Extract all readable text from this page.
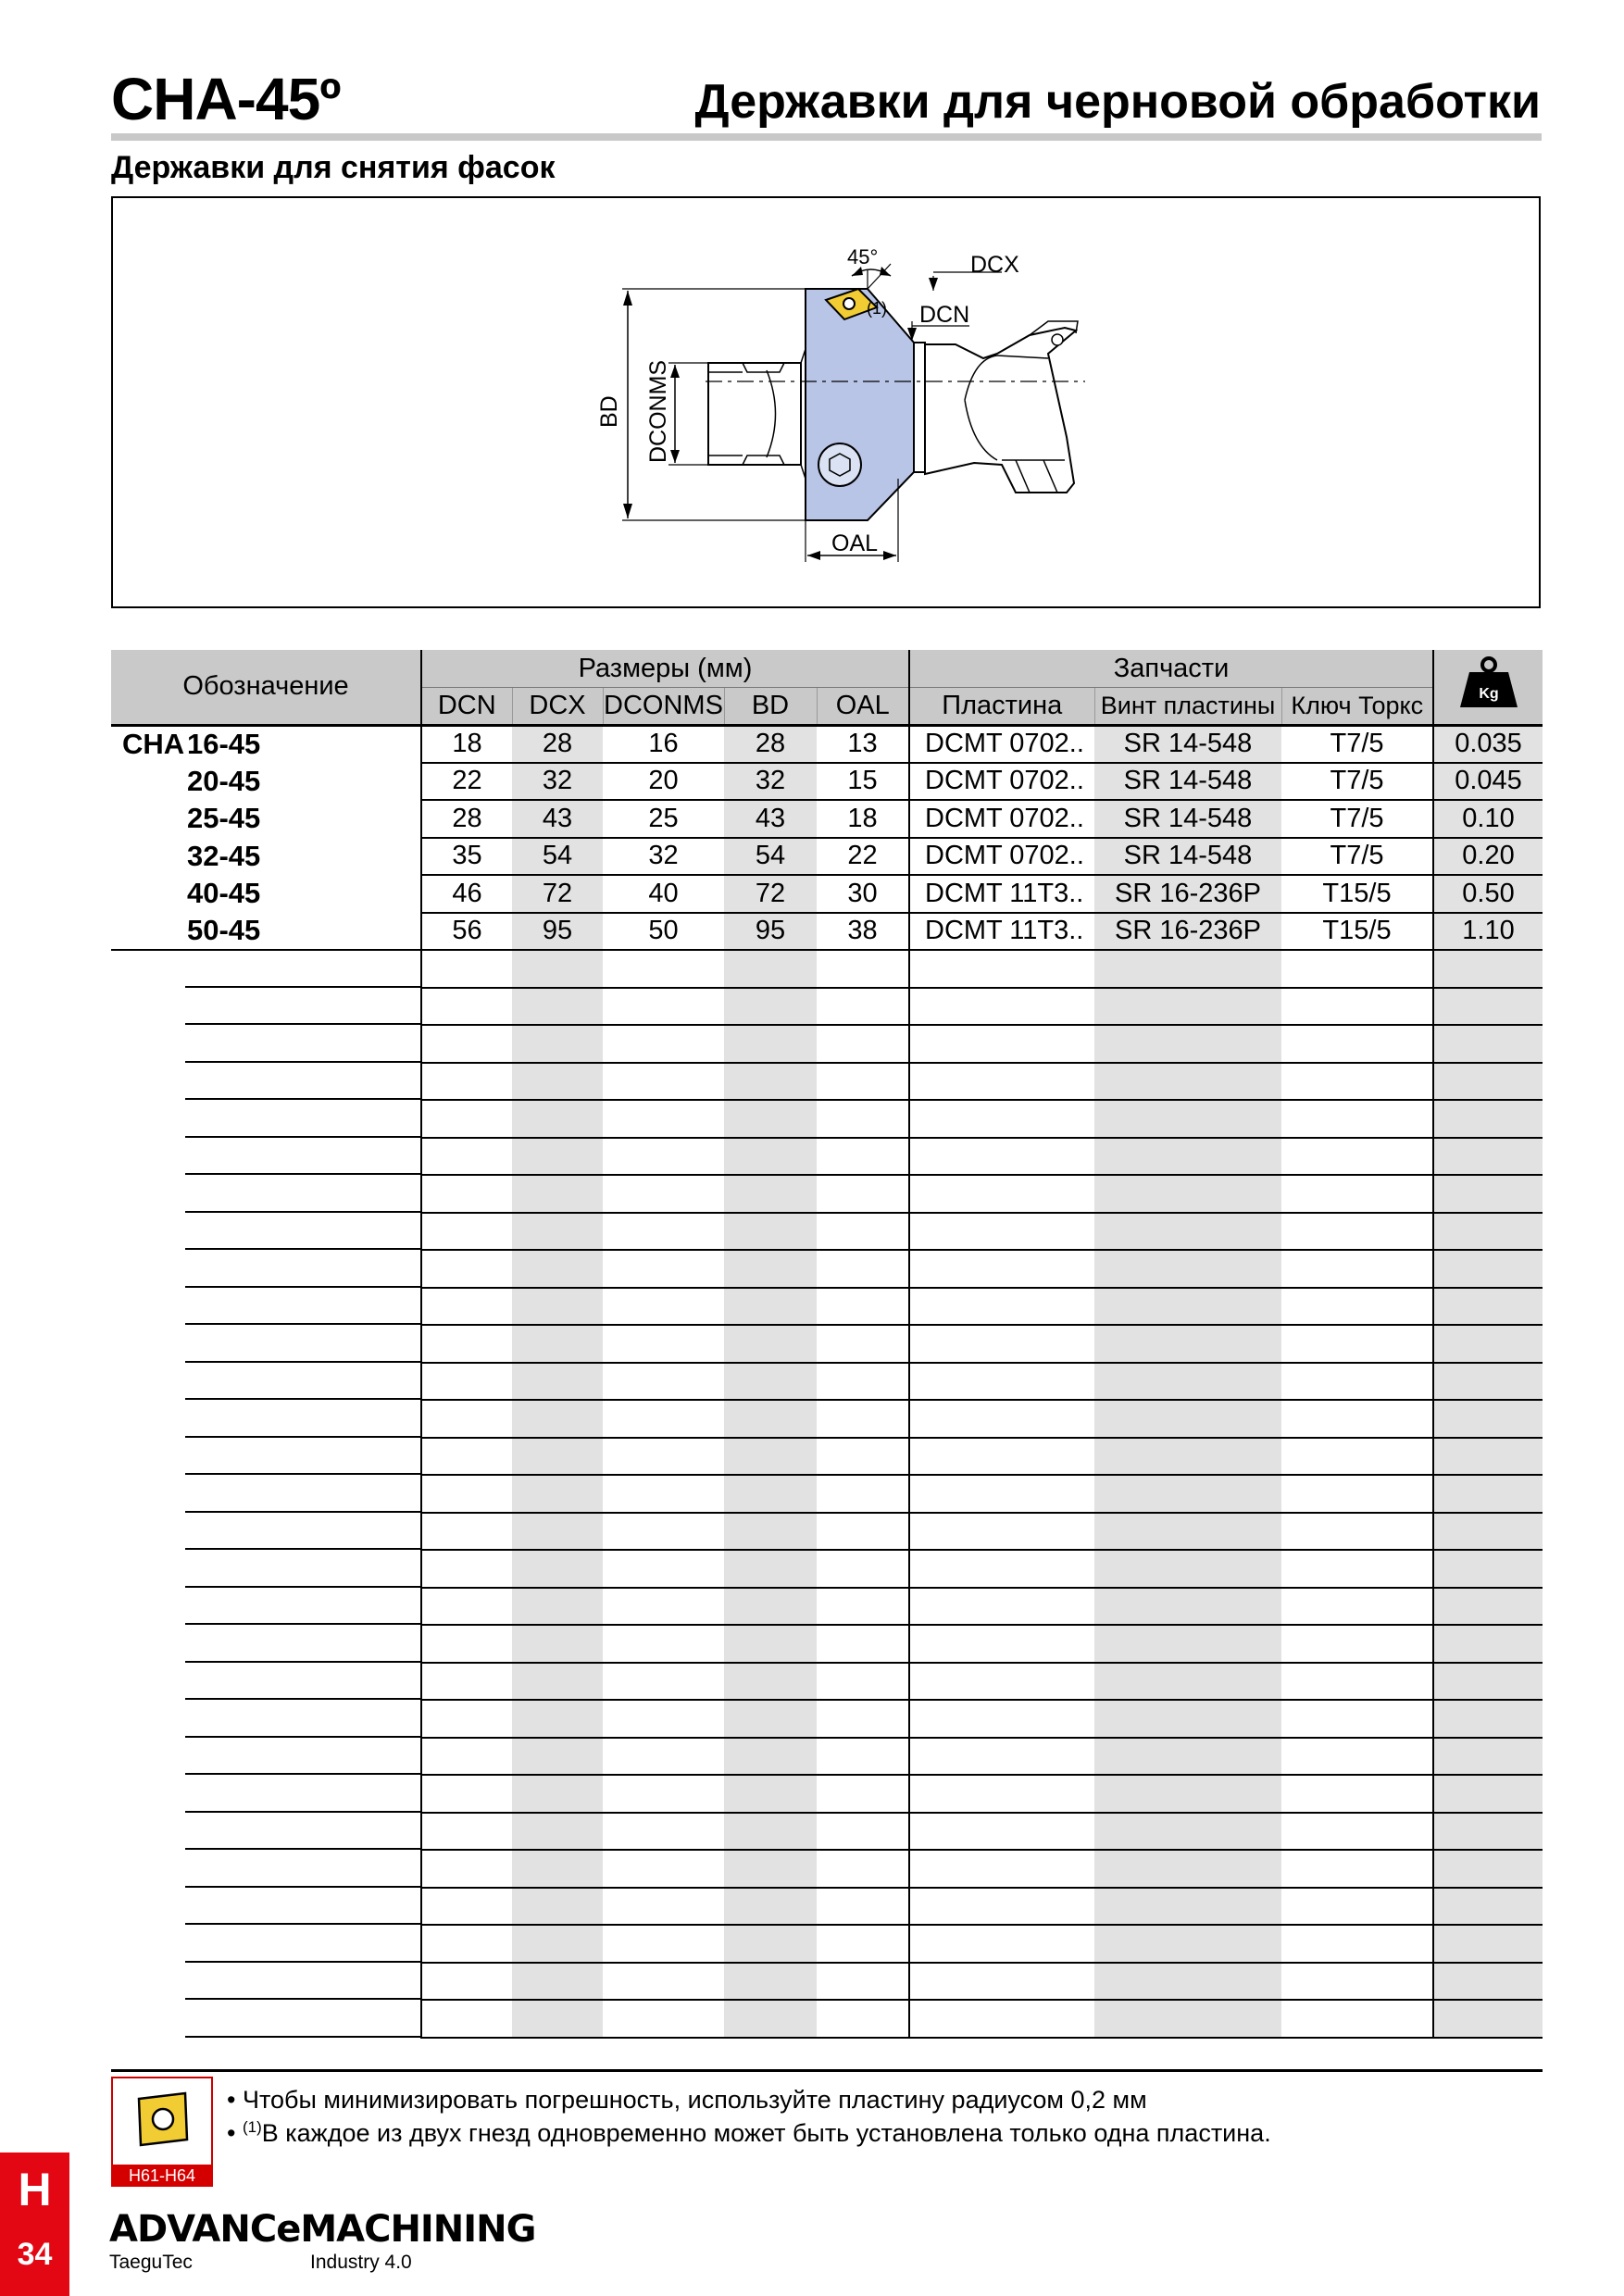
CHA-45º	Державки для черновой обработки
Державки для снятия фасок
45°	DCX
DCN
(1)
OAL
BD DCONMS
Обозначение	Размеры (мм)					Запчасти			Kg

	DCN	DCX	DCONMS	BD	OAL	Пластина	Винт пластины	Ключ Торкс	
CHA16-45	18	28	16	28	13	DCMT 0702..	SR 14-548	T7/5	0.035
20-45	22	32	20	32	15	DCMT 0702..	SR 14-548	T7/5	0.045
25-45	28	43	25	43	18	DCMT 0702..	SR 14-548	T7/5	0.10
32-45	35	54	32	54	22	DCMT 0702..	SR 14-548	T7/5	0.20
40-45	46	72	40	72	30	DCMT 11T3..	SR 16-236P	T15/5	0.50
50-45	56	95	50	95	38	DCMT 11T3..	SR 16-236P	T15/5	1.10

H61-H64
• Чтобы минимизировать погрешность, используйте пластину радиусом 0,2 мм
• $^{(1)}$В каждое из двух гнезд одновременно может быть установлена только одна пластина.
H
34
ADVANCeMACHINING
TaeguTec	Industry 4.0
